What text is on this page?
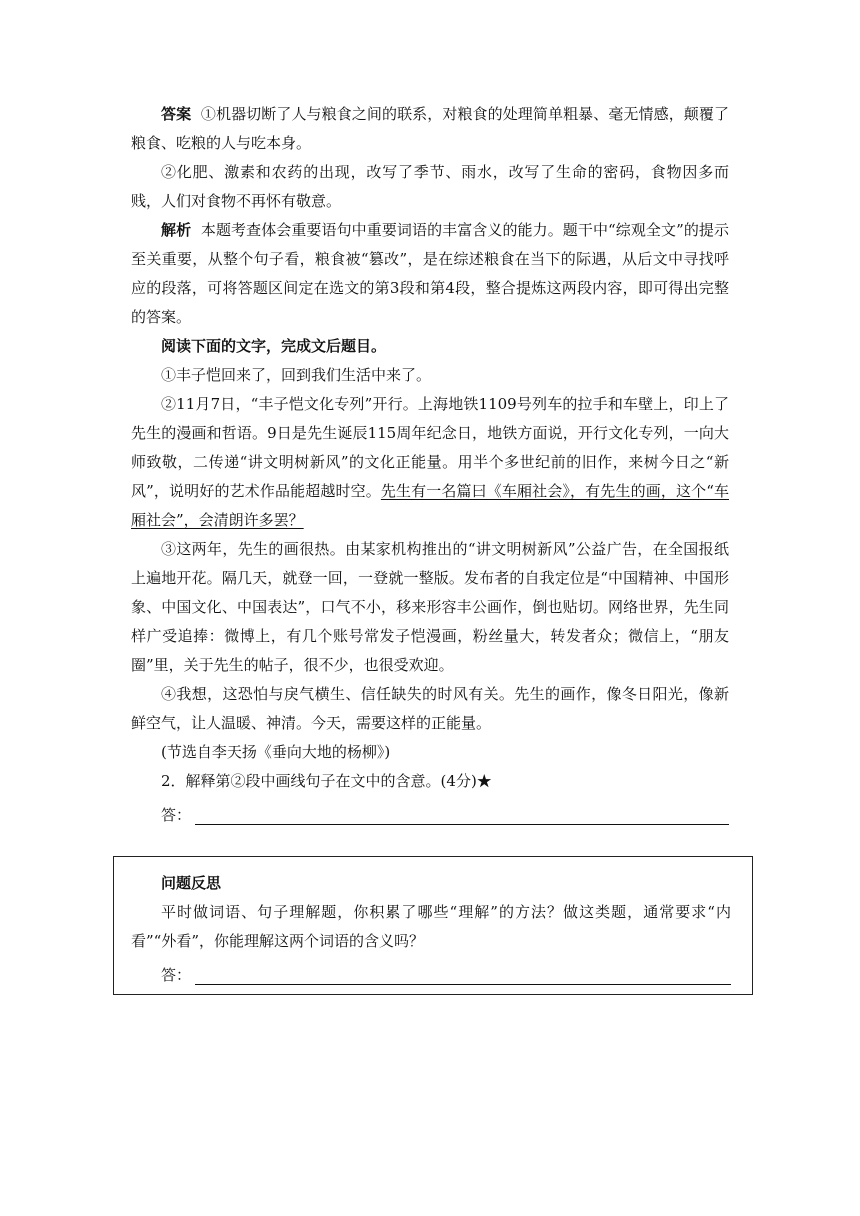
答案 ①机器切断了人与粮食之间的联系，对粮食的处理简单粗暴、毫无情感，颠覆了粮食、吃粮的人与吃本身。

②化肥、激素和农药的出现，改写了季节、雨水，改写了生命的密码，食物因多而贱，人们对食物不再怀有敬意。

解析 本题考查体会重要语句中重要词语的丰富含义的能力。题干中“综观全文”的提示至关重要，从整个句子看，粮食被“篡改”，是在综述粮食在当下的际遇，从后文中寻找呼应的段落，可将答题区间定在选文的第3段和第4段，整合提炼这两段内容，即可得出完整的答案。

阅读下面的文字，完成文后题目。

①丰子恺回来了，回到我们生活中来了。

②11月7日，“丰子恺文化专列”开行。上海地铁1109号列车的拉手和车壁上，印上了先生的漫画和哲语。9日是先生诞辰115周年纪念日，地铁方面说，开行文化专列，一向大师致敬，二传递“讲文明树新风”的文化正能量。用半个多世纪前的旧作，来树今日之“新风”，说明好的艺术作品能超越时空。先生有一名篇曰《车厢社会》，有先生的画，这个“车厢社会”，会清朗许多罢？

③这两年，先生的画很热。由某家机构推出的“讲文明树新风”公益广告，在全国报纸上遍地开花。隔几天，就登一回，一登就一整版。发布者的自我定位是“中国精神、中国形象、中国文化、中国表达”，口气不小，移来形容丰公画作，倒也贴切。网络世界，先生同样广受追捧：微博上，有几个账号常发子恺漫画，粉丝量大，转发者众；微信上，“朋友圈”里，关于先生的帖子，很不少，也很受欢迎。

④我想，这恐怕与戾气横生、信任缺失的时风有关。先生的画作，像冬日阳光，像新鲜空气，让人温暖、神清。今天，需要这样的正能量。

(节选自李天扬《垂向大地的杨柳》)

2．解释第②段中画线句子在文中的含意。(4分)★

答：

问题反思

平时做词语、句子理解题，你积累了哪些“理解”的方法？做这类题，通常要求“内看”“外看”，你能理解这两个词语的含义吗？

答：
